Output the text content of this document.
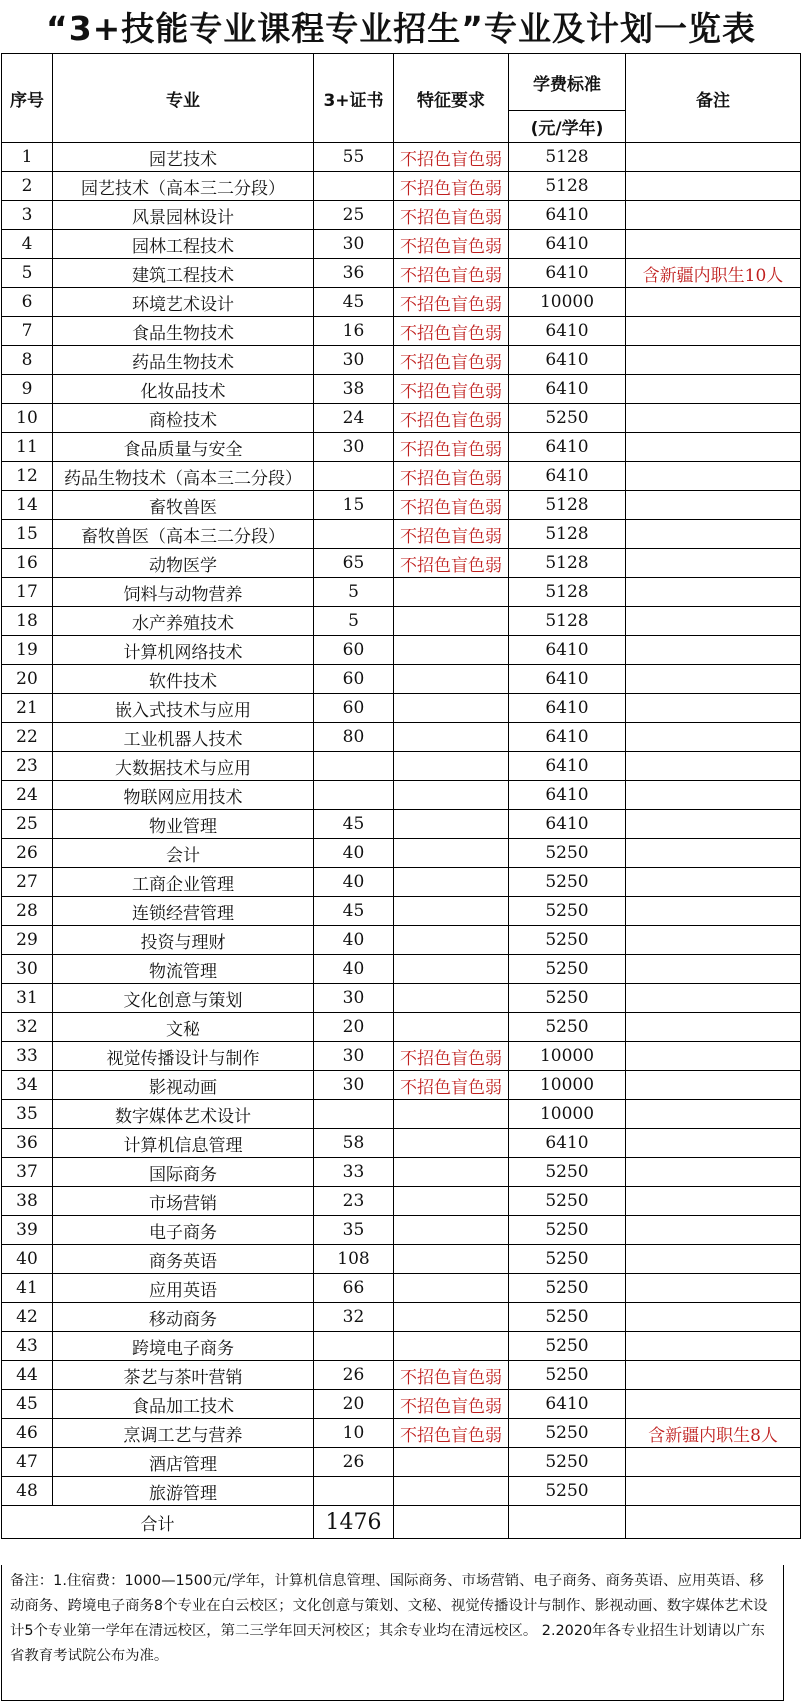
“3+技能专业课程专业招生”专业及计划一览表
序号	专业	3+证书	特征要求	学费标准	备注
				(元/学年)	
1	园艺技术	55	不招色盲色弱	5128	
2	园艺技术（高本三二分段）		不招色盲色弱	5128	
3	风景园林设计	25	不招色盲色弱	6410	
4	园林工程技术	30	不招色盲色弱	6410	
5	建筑工程技术	36	不招色盲色弱	6410	含新疆内职生10人
6	环境艺术设计	45	不招色盲色弱	10000	
7	食品生物技术	16	不招色盲色弱	6410	
8	药品生物技术	30	不招色盲色弱	6410	
9	化妆品技术	38	不招色盲色弱	6410	
10	商检技术	24	不招色盲色弱	5250	
11	食品质量与安全	30	不招色盲色弱	6410	
12	药品生物技术（高本三二分段）		不招色盲色弱	6410	
14	畜牧兽医	15	不招色盲色弱	5128	
15	畜牧兽医（高本三二分段）		不招色盲色弱	5128	
16	动物医学	65	不招色盲色弱	5128	
17	饲料与动物营养	5		5128	
18	水产养殖技术	5		5128	
19	计算机网络技术	60		6410	
20	软件技术	60		6410	
21	嵌入式技术与应用	60		6410	
22	工业机器人技术	80		6410	
23	大数据技术与应用			6410	
24	物联网应用技术			6410	
25	物业管理	45		6410	
26	会计	40		5250	
27	工商企业管理	40		5250	
28	连锁经营管理	45		5250	
29	投资与理财	40		5250	
30	物流管理	40		5250	
31	文化创意与策划	30		5250	
32	文秘	20		5250	
33	视觉传播设计与制作	30	不招色盲色弱	10000	
34	影视动画	30	不招色盲色弱	10000	
35	数字媒体艺术设计			10000	
36	计算机信息管理	58		6410	
37	国际商务	33		5250	
38	市场营销	23		5250	
39	电子商务	35		5250	
40	商务英语	108		5250	
41	应用英语	66		5250	
42	移动商务	32		5250	
43	跨境电子商务			5250	
44	茶艺与茶叶营销	26	不招色盲色弱	5250	
45	食品加工技术	20	不招色盲色弱	6410	
46	烹调工艺与营养	10	不招色盲色弱	5250	含新疆内职生8人
47	酒店管理	26		5250	
48	旅游管理			5250	
合计		1476			
备注：1.住宿费：1000—1500元/学年，计算机信息管理、国际商务、市场营销、电子商务、商务英语、应用英语、移动商务、跨境电子商务8个专业在白云校区；文化创意与策划、文秘、视觉传播设计与制作、影视动画、数字媒体艺术设计5个专业第一学年在清远校区，第二三学年回天河校区；其余专业均在清远校区。 2.2020年各专业招生计划请以广东省教育考试院公布为准。
